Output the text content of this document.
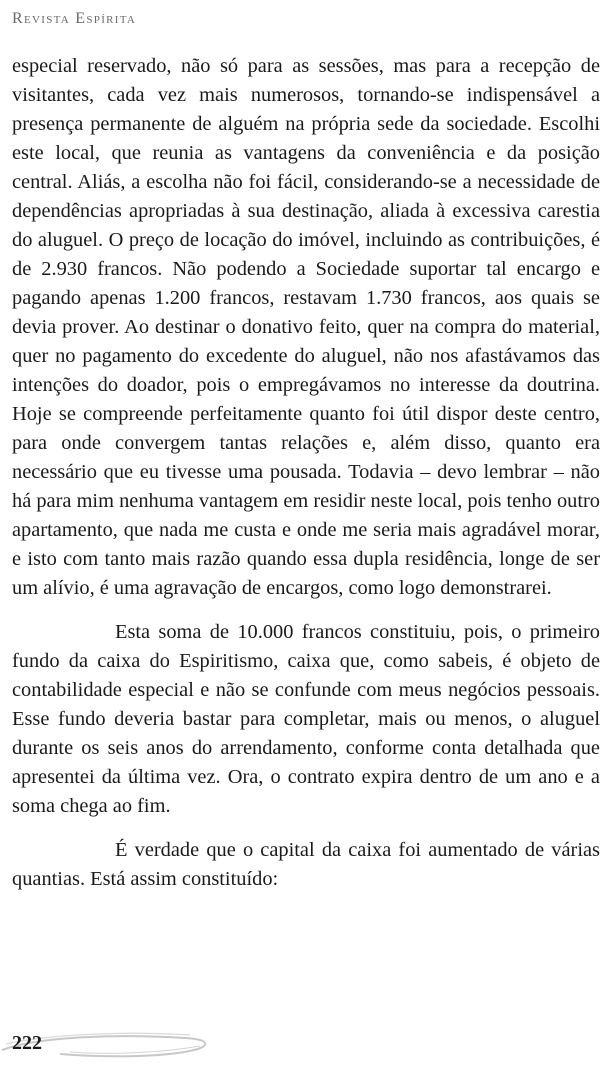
Revista Espírita

especial reservado, não só para as sessões, mas para a recepção de visitantes, cada vez mais numerosos, tornando-se indispensável a presença permanente de alguém na própria sede da sociedade. Escolhi este local, que reunia as vantagens da conveniência e da posição central. Aliás, a escolha não foi fácil, considerando-se a necessidade de dependências apropriadas à sua destinação, aliada à excessiva carestia do aluguel. O preço de locação do imóvel, incluindo as contribuições, é de 2.930 francos. Não podendo a Sociedade suportar tal encargo e pagando apenas 1.200 francos, restavam 1.730 francos, aos quais se devia prover. Ao destinar o donativo feito, quer na compra do material, quer no pagamento do excedente do aluguel, não nos afastávamos das intenções do doador, pois o empregávamos no interesse da doutrina. Hoje se compreende perfeitamente quanto foi útil dispor deste centro, para onde convergem tantas relações e, além disso, quanto era necessário que eu tivesse uma pousada. Todavia – devo lembrar – não há para mim nenhuma vantagem em residir neste local, pois tenho outro apartamento, que nada me custa e onde me seria mais agradável morar, e isto com tanto mais razão quando essa dupla residência, longe de ser um alívio, é uma agravação de encargos, como logo demonstrarei.

Esta soma de 10.000 francos constituiu, pois, o primeiro fundo da caixa do Espiritismo, caixa que, como sabeis, é objeto de contabilidade especial e não se confunde com meus negócios pessoais. Esse fundo deveria bastar para completar, mais ou menos, o aluguel durante os seis anos do arrendamento, conforme conta detalhada que apresentei da última vez. Ora, o contrato expira dentro de um ano e a soma chega ao fim.

É verdade que o capital da caixa foi aumentado de várias quantias. Está assim constituído:

222
